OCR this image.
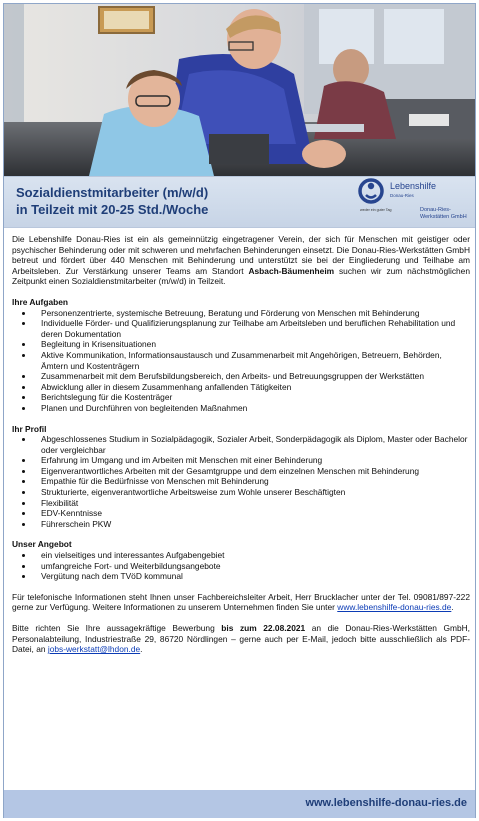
Sozialdienstmitarbeiter (m/w/d)
in Teilzeit mit 20-25 Std./Woche
Lebenshilfe
Donau-Ries
weder ein guter Tag	Donau-Ries-
Werkstätten GmbH

Die Lebenshilfe Donau-Ries ist ein als gemeinnützig eingetragener Verein, der sich für Menschen mit geistiger oder psychischer Behinderung oder mit schweren und mehrfachen Behinderungen einsetzt. Die Donau-Ries-Werkstätten GmbH betreut und fördert über 440 Menschen mit Behinderung und unterstützt sie bei der Eingliederung und Teilhabe am Arbeitsleben. Zur Verstärkung unserer Teams am Standort Asbach-Bäumenheim suchen wir zum nächstmöglichen Zeitpunkt einen Sozialdienstmitarbeiter (m/w/d) in Teilzeit.

Ihre Aufgaben
• Personenzentrierte, systemische Betreuung, Beratung und Förderung von Menschen mit Behinderung
• Individuelle Förder- und Qualifizierungsplanung zur Teilhabe am Arbeitsleben und beruflichen Rehabilitation und deren Dokumentation
• Begleitung in Krisensituationen
• Aktive Kommunikation, Informationsaustausch und Zusammenarbeit mit Angehörigen, Betreuern, Behörden, Ämtern und Kostenträgern
• Zusammenarbeit mit dem Berufsbildungsbereich, den Arbeits- und Betreuungsgruppen der Werkstätten
• Abwicklung aller in diesem Zusammenhang anfallenden Tätigkeiten
• Berichtslegung für die Kostenträger
• Planen und Durchführen von begleitenden Maßnahmen
Ihr Profil
• Abgeschlossenes Studium in Sozialpädagogik, Sozialer Arbeit, Sonderpädagogik als Diplom, Master oder Bachelor oder vergleichbar
• Erfahrung im Umgang und im Arbeiten mit Menschen mit einer Behinderung
• Eigenverantwortliches Arbeiten mit der Gesamtgruppe und dem einzelnen Menschen mit Behinderung
• Empathie für die Bedürfnisse von Menschen mit Behinderung
• Strukturierte, eigenverantwortliche Arbeitsweise zum Wohle unserer Beschäftigten
• Flexibilität
• EDV-Kenntnisse
• Führerschein PKW
Unser Angebot
• ein vielseitiges und interessantes Aufgabengebiet
• umfangreiche Fort- und Weiterbildungsangebote
• Vergütung nach dem TVöD kommunal

Für telefonische Informationen steht Ihnen unser Fachbereichsleiter Arbeit, Herr Brucklacher unter der Tel. 09081/897-222 gerne zur Verfügung. Weitere Informationen zu unserem Unternehmen finden Sie unter www.lebenshilfe-donau-ries.de.

Bitte richten Sie Ihre aussagekräftige Bewerbung bis zum 22.08.2021 an die Donau-Ries-Werkstätten GmbH, Personalabteilung, Industriestraße 29, 86720 Nördlingen – gerne auch per E-Mail, jedoch bitte ausschließlich als PDF-Datei, an jobs-werkstatt@lhdon.de.

www.lebenshilfe-donau-ries.de
